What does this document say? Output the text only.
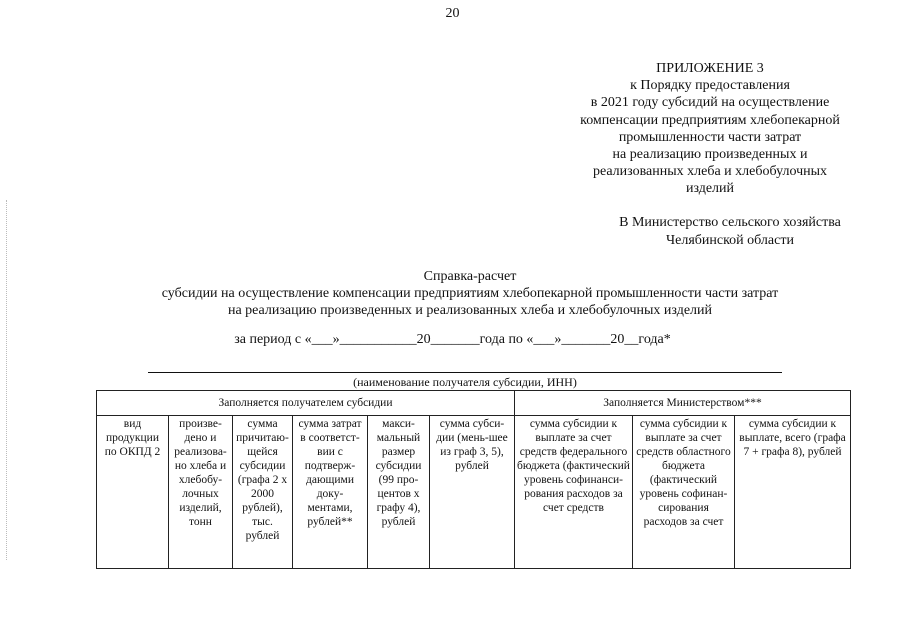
20
ПРИЛОЖЕНИЕ 3
к Порядку предоставления
в 2021 году субсидий на осуществление
компенсации предприятиям хлебопекарной
промышленности части затрат
на реализацию произведенных и
реализованных хлеба и хлебобулочных
изделий
В Министерство сельского хозяйства
Челябинской области
Справка-расчет
субсидии на осуществление компенсации предприятиям хлебопекарной промышленности части затрат
на реализацию произведенных и реализованных хлеба и хлебобулочных изделий
за период с «___»___________20_______года по «___»_______20__года*
(наименование получателя субсидии, ИНН)
Заполняется получателем субсидии						Заполняется Министерством***		
вид продукции по ОКПД 2	произве-дено и реализова-но хлеба и хлебобу-лочных изделий, тонн	сумма причитаю-щейся субсидии (графа 2 х 2000 рублей), тыс. рублей	сумма затрат в соответст-вии с подтверж-дающими доку-ментами, рублей**	макси-мальный размер субсидии (99 про-центов х графу 4), рублей	сумма субси-дии (мень-шее из граф 3, 5), рублей	сумма субсидии к выплате за счет средств федерального бюджета (фактический уровень софинанси-рования расходов за счет средств	сумма субсидии к выплате за счет средств областного бюджета (фактический уровень софинан-сирования расходов за счет	сумма субсидии к выплате, всего (графа 7 + графа 8), рублей
